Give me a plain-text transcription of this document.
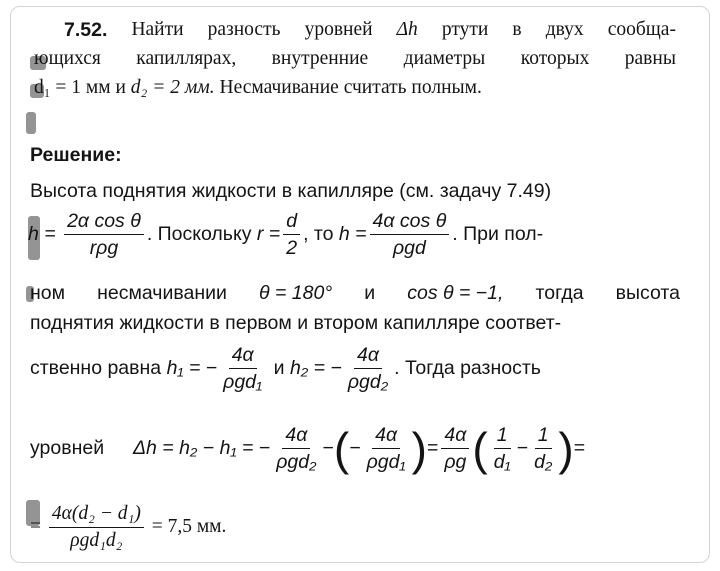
7.52. Найти разность уровней Δh ртути в двух сообща-
ющихся капиллярах, внутренние диаметры которых равны
d₁ = 1 мм и d₂ = 2 мм. Несмачивание считать полным.
Решение:
Высота поднятия жидкости в капилляре (см. задачу 7.49)
$h = \frac{\text{2α cos θ}}{\text{rρg}}$ . Поскольку $r = \frac{d}{2}$ , то $h = \frac{\text{4α cos θ}}{\text{ρgd}}$ . При пол-
ном несмачивании θ = 180° и cos θ = −1, тогда высота
поднятия жидкости в первом и втором капилляре соответ-
ственно равна h₁ = − $\frac{4\alpha}{\text{ρgd₁}}$ и h₂ = − $\frac{4\alpha}{\text{ρgd₂}}$ . Тогда разность
уровней Δh = h₂ − h₁ = − $\frac{4\alpha}{\text{ρgd₂}}$ −(− $\frac{4\alpha}{\text{ρgd₁}}$ )= $\frac{4\alpha}{\rho g}$ ( $\frac{1}{\text{d₁}} - \frac{1}{\text{d₂}}$ )=
= $\frac{\text{4α(d₂ − d₁)}}{\text{ρgd₁d₂}} = 7,5$ мм.
